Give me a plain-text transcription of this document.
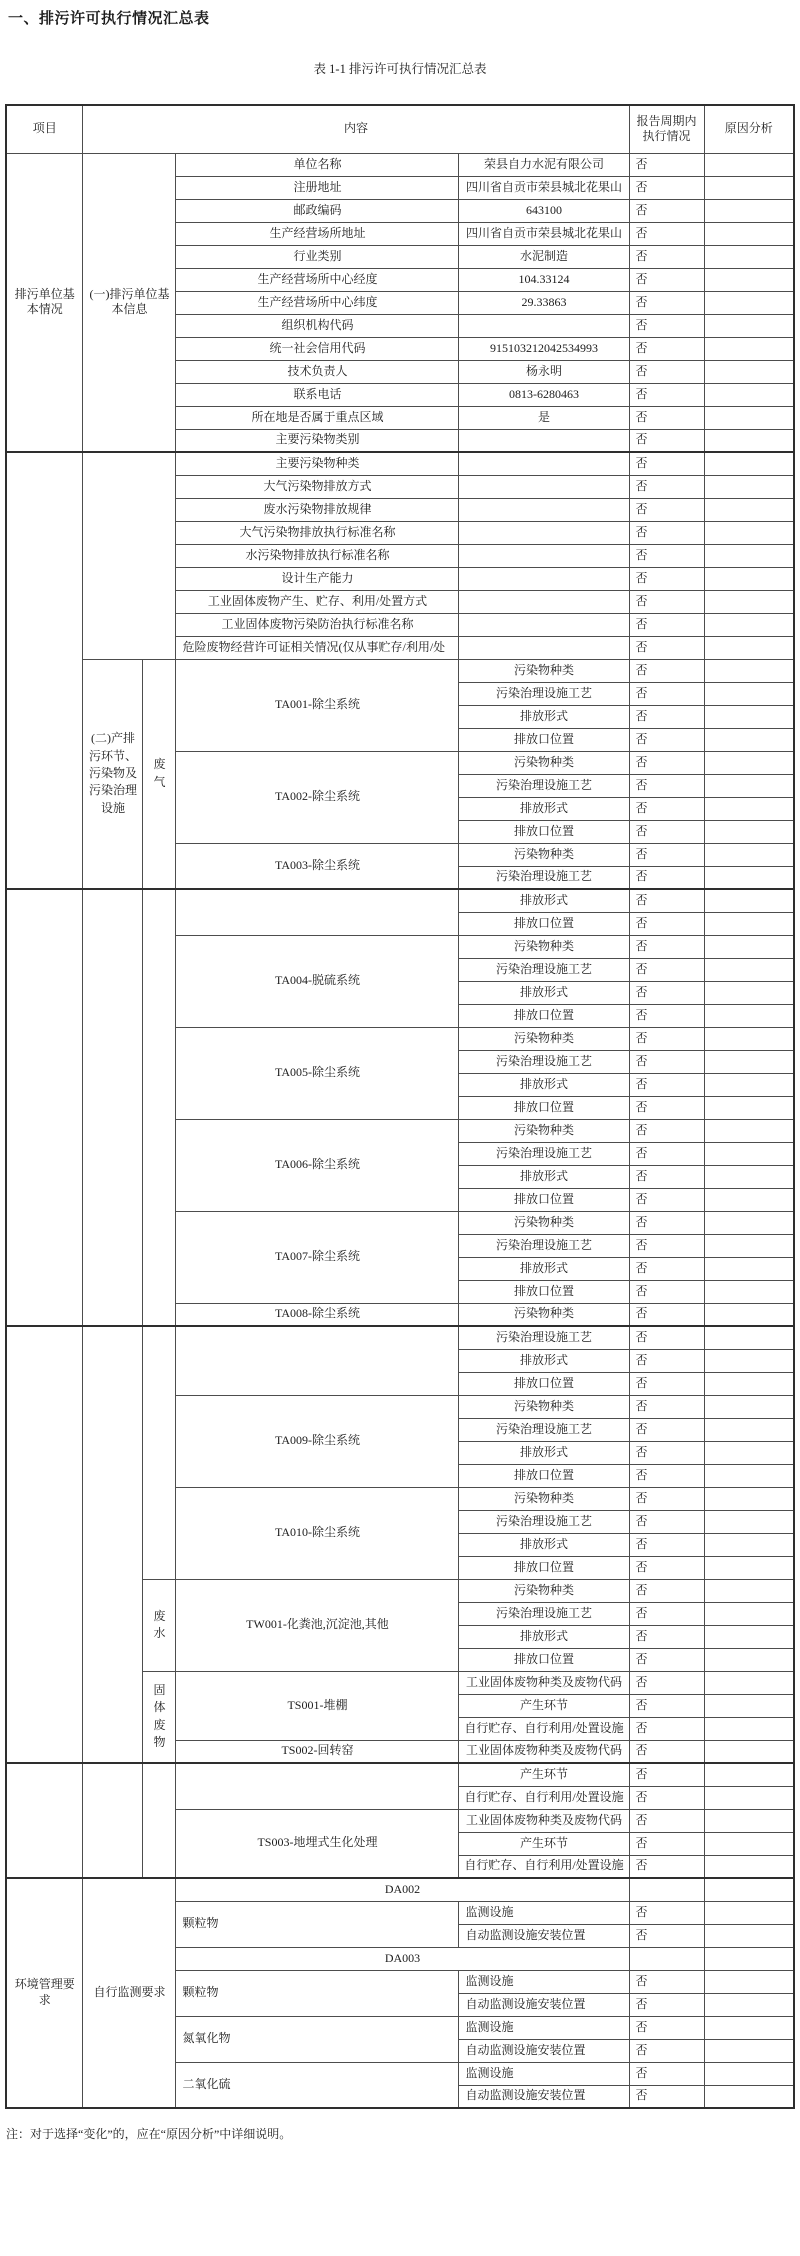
一、排污许可执行情况汇总表
表 1-1 排污许可执行情况汇总表
项目	内容				报告周期内执行情况	原因分析
排污单位基本情况	(一)排污单位基本信息		单位名称	荣县自力水泥有限公司	否	
			注册地址	四川省自贡市荣县城北花果山	否	
			邮政编码	643100	否	
			生产经营场所地址	四川省自贡市荣县城北花果山	否	
			行业类别	水泥制造	否	
			生产经营场所中心经度	104.33124	否	
			生产经营场所中心纬度	29.33863	否	
			组织机构代码		否	
			统一社会信用代码	915103212042534993	否	
			技术负责人	杨永明	否	
			联系电话	0813-6280463	否	
			所在地是否属于重点区域	是	否	
			主要污染物类别		否	
			主要污染物种类		否	
			大气污染物排放方式		否	
			废水污染物排放规律		否	
			大气污染物排放执行标准名称		否	
			水污染物排放执行标准名称		否	
			设计生产能力		否	
			工业固体废物产生、贮存、利用/处置方式		否	
			工业固体废物污染防治执行标准名称		否	
			危险废物经营许可证相关情况(仅从事贮存/利用/处		否	
	(二)产排污环节、污染物及污染治理设施	废气	TA001-除尘系统	污染物种类	否	
				污染治理设施工艺	否	
				排放形式	否	
				排放口位置	否	
			TA002-除尘系统	污染物种类	否	
				污染治理设施工艺	否	
				排放形式	否	
				排放口位置	否	
			TA003-除尘系统	污染物种类	否	
				污染治理设施工艺	否	
				排放形式	否	
				排放口位置	否	
			TA004-脱硫系统	污染物种类	否	
				污染治理设施工艺	否	
				排放形式	否	
				排放口位置	否	
			TA005-除尘系统	污染物种类	否	
				污染治理设施工艺	否	
				排放形式	否	
				排放口位置	否	
			TA006-除尘系统	污染物种类	否	
				污染治理设施工艺	否	
				排放形式	否	
				排放口位置	否	
			TA007-除尘系统	污染物种类	否	
				污染治理设施工艺	否	
				排放形式	否	
				排放口位置	否	
			TA008-除尘系统	污染物种类	否	
				污染治理设施工艺	否	
				排放形式	否	
				排放口位置	否	
			TA009-除尘系统	污染物种类	否	
				污染治理设施工艺	否	
				排放形式	否	
				排放口位置	否	
			TA010-除尘系统	污染物种类	否	
				污染治理设施工艺	否	
				排放形式	否	
				排放口位置	否	
		废水	TW001-化粪池,沉淀池,其他	污染物种类	否	
				污染治理设施工艺	否	
				排放形式	否	
				排放口位置	否	
		固体废物	TS001-堆棚	工业固体废物种类及废物代码	否	
				产生环节	否	
				自行贮存、自行利用/处置设施	否	
			TS002-回转窑	工业固体废物种类及废物代码	否	
				产生环节	否	
				自行贮存、自行利用/处置设施	否	
			TS003-地埋式生化处理	工业固体废物种类及废物代码	否	
				产生环节	否	
				自行贮存、自行利用/处置设施	否	
环境管理要求	自行监测要求		DA002			
			颗粒物	监测设施	否	
				自动监测设施安装位置	否	
			DA003			
			颗粒物	监测设施	否	
				自动监测设施安装位置	否	
			氮氧化物	监测设施	否	
				自动监测设施安装位置	否	
			二氧化硫	监测设施	否	
				自动监测设施安装位置	否	
注：对于选择“变化”的，应在“原因分析”中详细说明。
